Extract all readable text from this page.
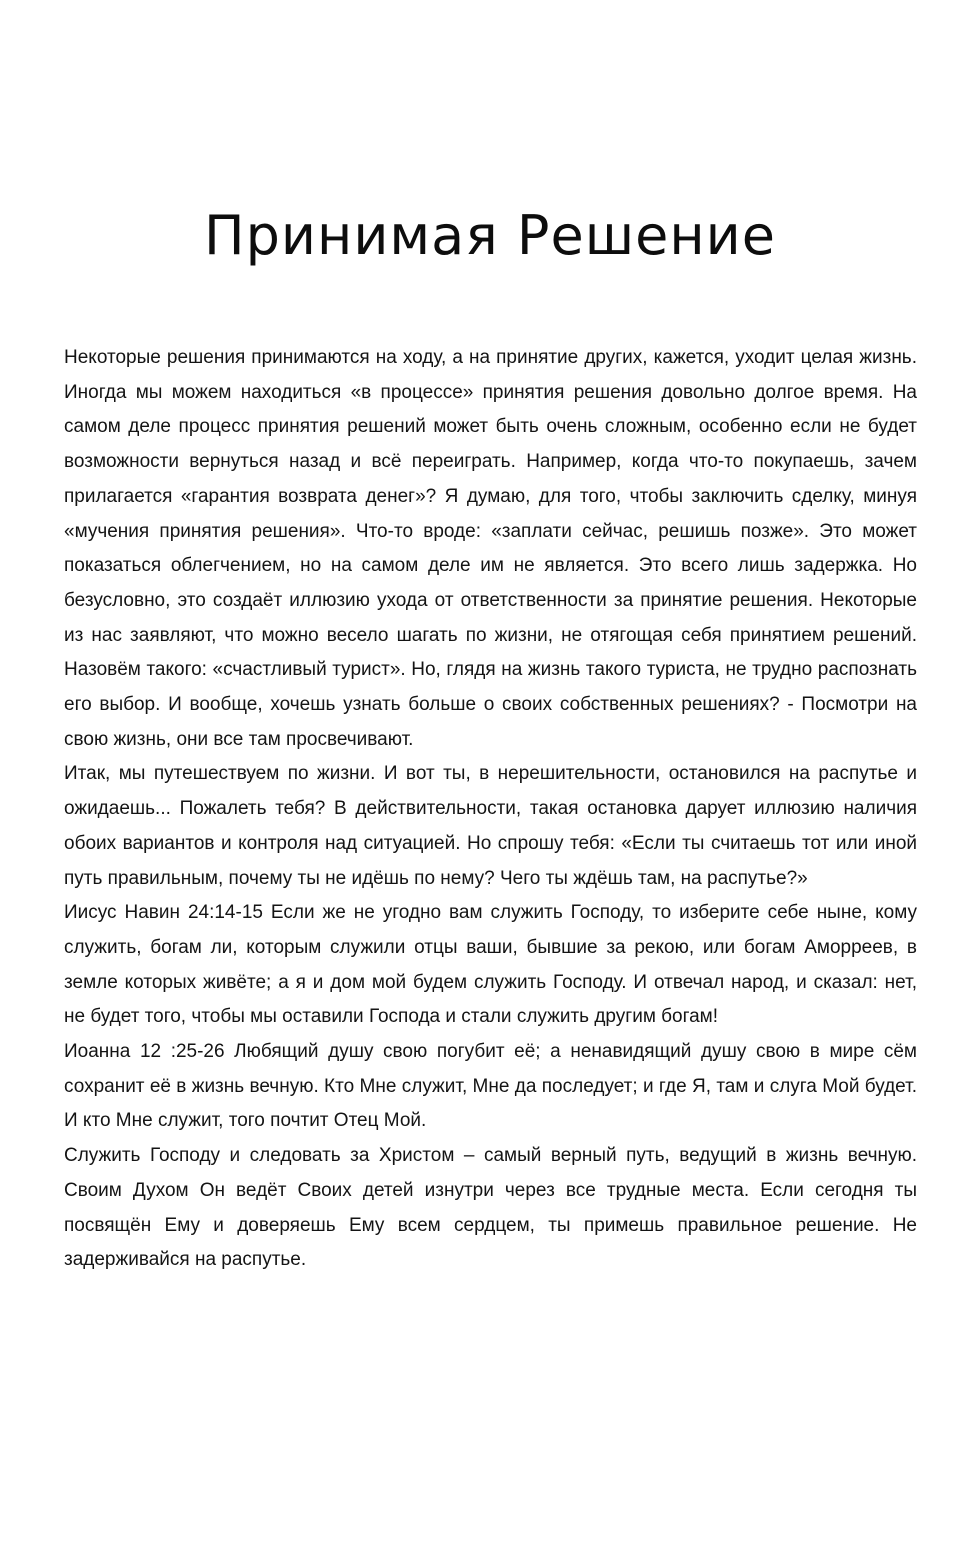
Принимая Решение

Некоторые решения принимаются на ходу, а на принятие других, кажется, уходит целая жизнь. Иногда мы можем находиться «в процессе» принятия решения довольно долгое время. На самом деле процесс принятия решений может быть очень сложным, особенно если не будет возможности вернуться назад и всё переиграть. Например, когда что-то покупаешь, зачем прилагается «гарантия возврата денег»? Я думаю, для того, чтобы заключить сделку, минуя «мучения принятия решения». Что-то вроде: «заплати сейчас, решишь позже». Это может показаться облегчением, но на самом деле им не является. Это всего лишь задержка. Но безусловно, это создаёт иллюзию ухода от ответственности за принятие решения. Некоторые из нас заявляют, что можно весело шагать по жизни, не отягощая себя принятием решений. Назовём такого: «счастливый турист». Но, глядя на жизнь такого туриста, не трудно распознать его выбор. И вообще, хочешь узнать больше о своих собственных решениях? - Посмотри на свою жизнь, они все там просвечивают.

Итак, мы путешествуем по жизни. И вот ты, в нерешительности, остановился на распутье и ожидаешь... Пожалеть тебя? В действительности, такая остановка дарует иллюзию наличия обоих вариантов и контроля над ситуацией. Но спрошу тебя: «Если ты считаешь тот или иной путь правильным, почему ты не идёшь по нему? Чего ты ждёшь там, на распутье?»

Иисус Навин 24:14-15 Если же не угодно вам служить Господу, то изберите себе ныне, кому служить, богам ли, которым служили отцы ваши, бывшие за рекою, или богам Аморреев, в земле которых живёте; а я и дом мой будем служить Господу. И отвечал народ, и сказал: нет, не будет того, чтобы мы оставили Господа и стали служить другим богам!

Иоанна 12 :25-26 Любящий душу свою погубит её; а ненавидящий душу свою в мире сём сохранит её в жизнь вечную. Кто Мне служит, Мне да последует; и где Я, там и слуга Мой будет. И кто Мне служит, того почтит Отец Мой.

Служить Господу и следовать за Христом – самый верный путь, ведущий в жизнь вечную. Своим Духом Он ведёт Своих детей изнутри через все трудные места. Если сегодня ты посвящён Ему и доверяешь Ему всем сердцем, ты примешь правильное решение. Не задерживайся на распутье.
